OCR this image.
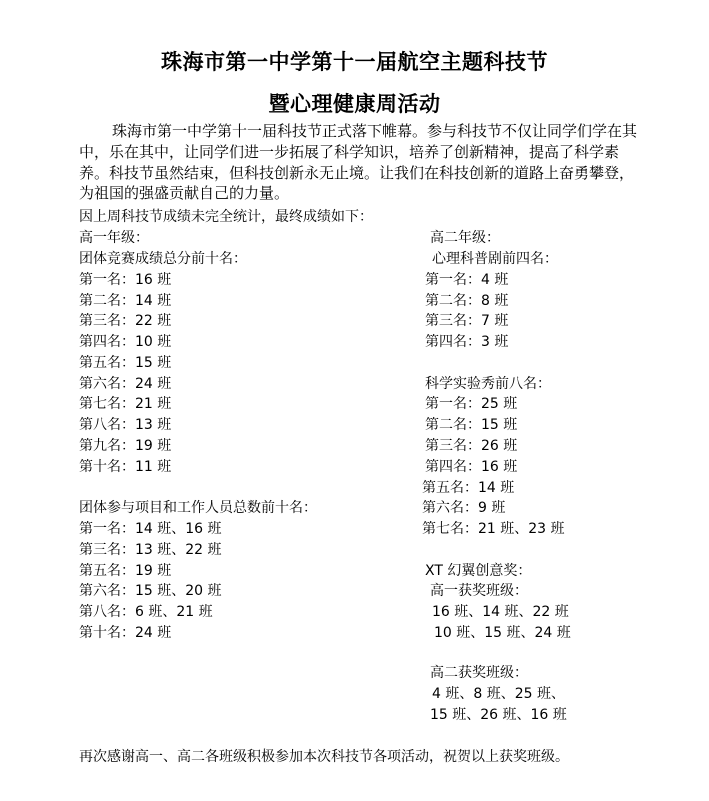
珠海市第一中学第十一届航空主题科技节
暨心理健康周活动

珠海市第一中学第十一届科技节正式落下帷幕。参与科技节不仅让同学们学在其中，乐在其中，让同学们进一步拓展了科学知识，培养了创新精神，提高了科学素养。科技节虽然结束，但科技创新永无止境。让我们在科技创新的道路上奋勇攀登，为祖国的强盛贡献自己的力量。

因上周科技节成绩未完全统计，最终成绩如下：
高一年级：
团体竞赛成绩总分前十名：
第一名：16 班
第二名：14 班
第三名：22 班
第四名：10 班
第五名：15 班
第六名：24 班
第七名：21 班
第八名：13 班
第九名：19 班
第十名：11 班
团体参与项目和工作人员总数前十名：
第一名：14 班、16 班
第三名：13 班、22 班
第五名：19 班
第六名：15 班、20 班
第八名：6 班、21 班
第十名：24 班
高二年级：
心理科普剧前四名：
第一名：4 班
第二名：8 班
第三名：7 班
第四名：3 班
科学实验秀前八名：
第一名：25 班
第二名：15 班
第三名：26 班
第四名：16 班
第五名：14 班
第六名：9 班
第七名：21 班、23 班
XT 幻翼创意奖：
高一获奖班级：
16 班、14 班、22 班
10 班、15 班、24 班
高二获奖班级：
4 班、8 班、25 班、
15 班、26 班、16 班
再次感谢高一、高二各班级积极参加本次科技节各项活动，祝贺以上获奖班级。
